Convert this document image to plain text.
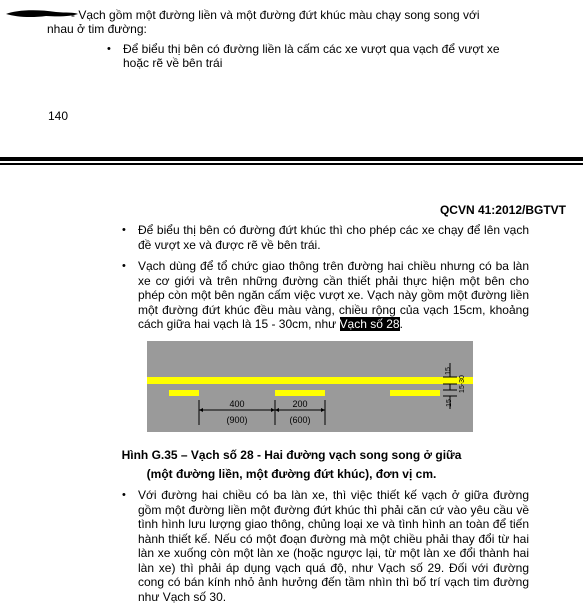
- Vạch gồm một đường liền và một đường đứt khúc màu chạy song song với
nhau ở tim đường:
•	Để biểu thị bên có đường liền là cấm các xe vượt qua vạch để vượt xe
hoặc rẽ về bên trái
140
QCVN 41:2012/BGTVT
•	Để biểu thị bên có đường đứt khúc thì cho phép các xe chạy để lên vạch đề vượt xe và được rẽ về bên trái.
•	Vạch dùng để tổ chức giao thông trên đường hai chiều nhưng có ba làn xe cơ giới và trên những đường cần thiết phải thực hiện một bên cho phép còn một bên ngăn cấm việc vượt xe. Vạch này gồm một đường liền một đường đứt khúc đều màu vàng, chiều rộng của vạch 15cm, khoảng cách giữa hai vạch là 15 - 30cm, như Vạch số 28.
400
(900)
200
(600)
15
15-30
15
Hình G.35 – Vạch số 28 - Hai đường vạch song song ở giữa
(một đường liền, một đường đứt khúc), đơn vị cm.
•	Với đường hai chiều có ba làn xe, thì việc thiết kế vạch ở giữa đường gồm một đường liền một đường đứt khúc thì phải căn cứ vào yêu cầu về tình hình lưu lượng giao thông, chủng loại xe và tình hình an toàn để tiến hành thiết kế. Nếu có một đoạn đường mà một chiều phải thay đổi từ hai làn xe xuống còn một làn xe (hoặc ngược lại, từ một làn xe đổi thành hai làn xe) thì phải áp dụng vạch quá độ, như Vạch số 29. Đối với đường cong có bán kính nhỏ ảnh hưởng đến tầm nhìn thì bố trí vạch tim đường như Vạch số 30.
